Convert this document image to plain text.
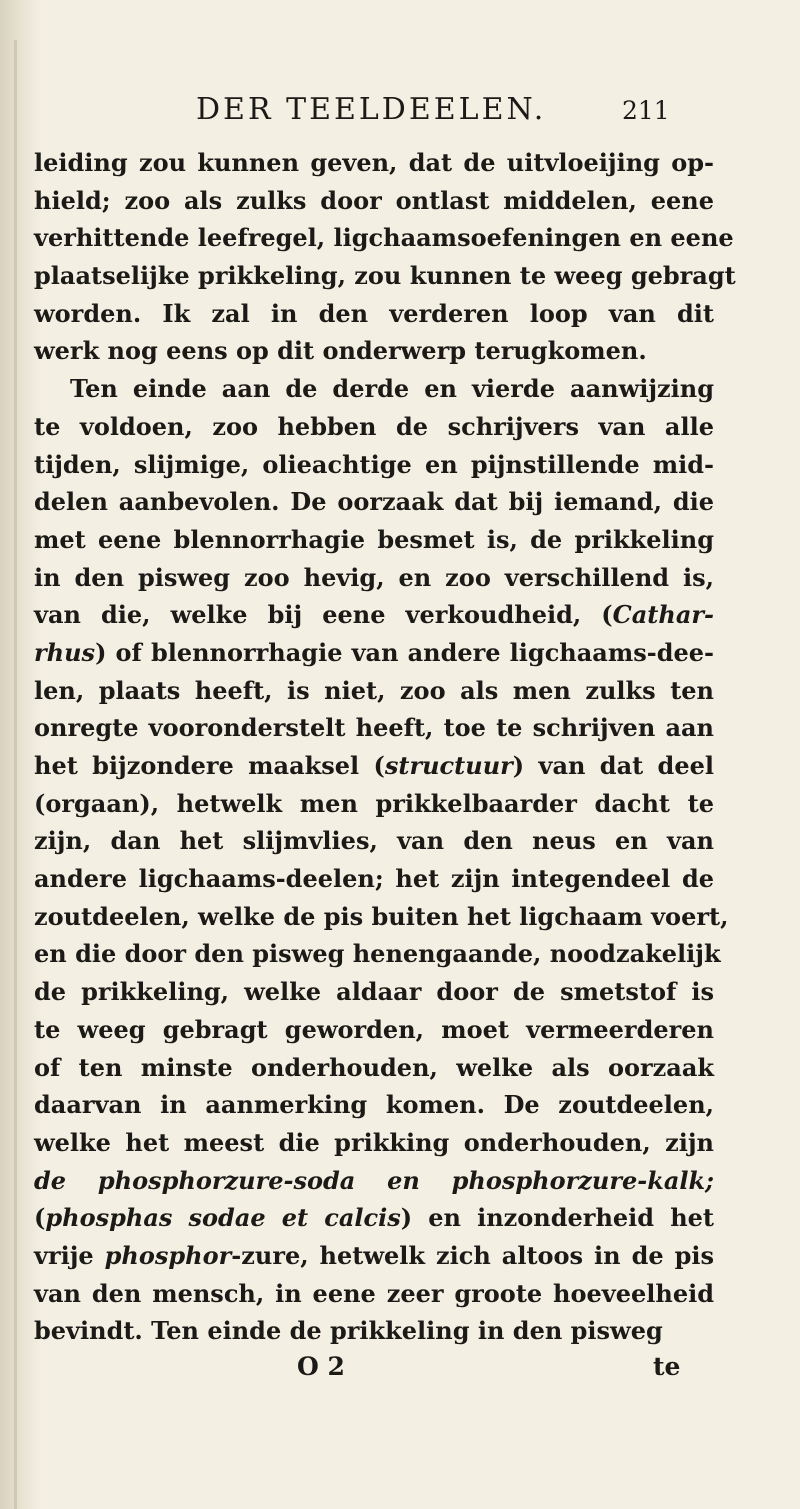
DER TEELDEELEN.	211
leiding zou kunnen geven, dat de uitvloeijing op-
hield; zoo als zulks door ontlast middelen, eene
verhittende leefregel, ligchaamsoefeningen en eene
plaatselijke prikkeling, zou kunnen te weeg gebragt
worden. Ik zal in den verderen loop van dit
werk nog eens op dit onderwerp terugkomen.
Ten einde aan de derde en vierde aanwijzing
te voldoen, zoo hebben de schrijvers van alle
tijden, slijmige, olieachtige en pijnstillende mid-
delen aanbevolen. De oorzaak dat bij iemand, die
met eene blennorrhagie besmet is, de prikkeling
in den pisweg zoo hevig, en zoo verschillend is,
van die, welke bij eene verkoudheid, (Cathar-
rhus) of blennorrhagie van andere ligchaams-dee-
len, plaats heeft, is niet, zoo als men zulks ten
onregte vooronderstelt heeft, toe te schrijven aan
het bijzondere maaksel (structuur) van dat deel
(orgaan), hetwelk men prikkelbaarder dacht te
zijn, dan het slijmvlies, van den neus en van
andere ligchaams-deelen; het zijn integendeel de
zoutdeelen, welke de pis buiten het ligchaam voert,
en die door den pisweg henengaande, noodzakelijk
de prikkeling, welke aldaar door de smetstof is
te weeg gebragt geworden, moet vermeerderen
of ten minste onderhouden, welke als oorzaak
daarvan in aanmerking komen. De zoutdeelen,
welke het meest die prikking onderhouden, zijn
de phosphorzure-soda en phosphorzure-kalk;
(phosphas sodae et calcis) en inzonderheid het
vrije phosphor-zure, hetwelk zich altoos in de pis
van den mensch, in eene zeer groote hoeveelheid
bevindt. Ten einde de prikkeling in den pisweg
O 2	te
